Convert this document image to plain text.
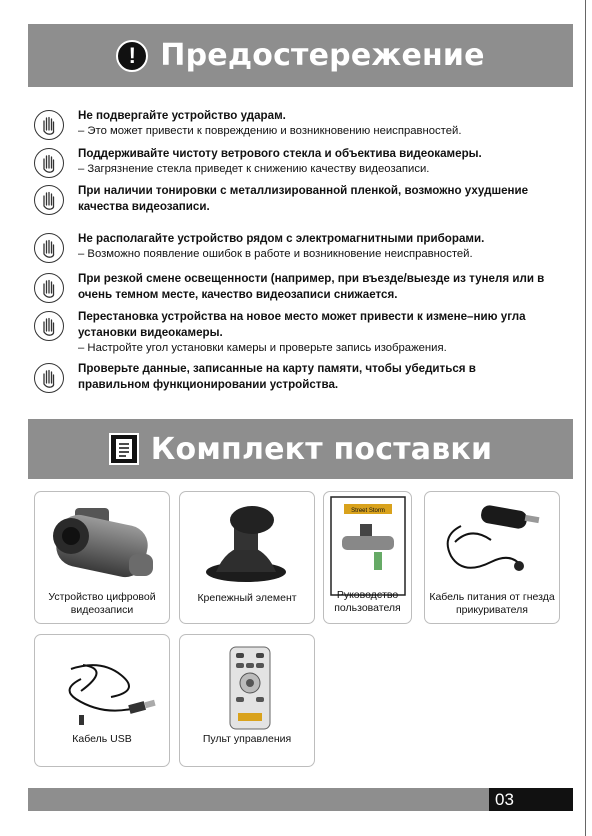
! Предостережение
Не подвергайте устройство ударам.
– Это может привести к повреждению и возникновению неисправностей.
Поддерживайте чистоту ветрового стекла и объектива видеокамеры.
– Загрязнение стекла приведет к снижению качеству видеозаписи.
При наличии тонировки с металлизированной пленкой, возможно ухудшение качества видеозаписи.
Не располагайте устройство рядом с электромагнитными приборами.
– Возможно появление ошибок в работе и возникновение неисправностей.
При резкой смене освещенности (например, при въезде/выезде из тунеля или в очень темном месте, качество видеозаписи снижается.
Перестановка устройства на новое место может привести к измене–нию угла установки видеокамеры.
– Настройте угол установки камеры и проверьте запись изображения.
Проверьте данные, записанные на карту памяти, чтобы убедиться в правильном функционировании устройства.
Комплект поставки
Устройство цифровой видеозаписи
Крепежный элемент
Street Storm
Руководство пользователя
Кабель питания от гнезда прикуривателя
Кабель USB	Пульт управления
03
